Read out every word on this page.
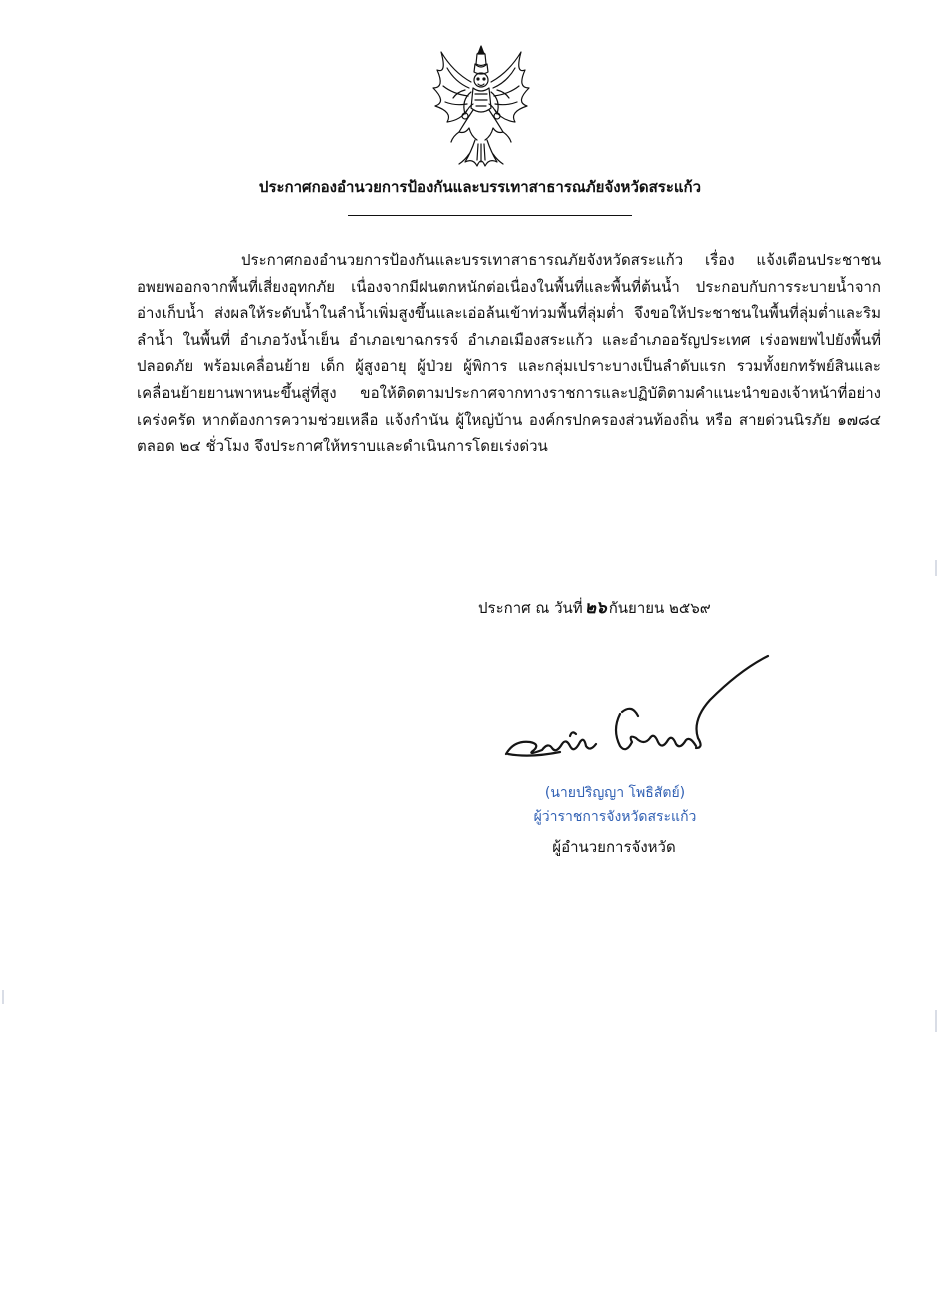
ประกาศกองอำนวยการป้องกันและบรรเทาสาธารณภัยจังหวัดสระแก้ว

ประกาศกองอำนวยการป้องกันและบรรเทาสาธารณภัยจังหวัดสระแก้ว เรื่อง แจ้งเตือนประชาชนอพยพออกจากพื้นที่เสี่ยงอุทกภัย เนื่องจากมีฝนตกหนักต่อเนื่องในพื้นที่และพื้นที่ต้นน้ำ ประกอบกับการระบายน้ำจากอ่างเก็บน้ำ ส่งผลให้ระดับน้ำในลำน้ำเพิ่มสูงขึ้นและเอ่อล้นเข้าท่วมพื้นที่ลุ่มต่ำ จึงขอให้ประชาชนในพื้นที่ลุ่มต่ำและริมลำน้ำ ในพื้นที่ อำเภอวังน้ำเย็น อำเภอเขาฉกรรจ์ อำเภอเมืองสระแก้ว และอำเภออรัญประเทศ เร่งอพยพไปยังพื้นที่ปลอดภัย พร้อมเคลื่อนย้าย เด็ก ผู้สูงอายุ ผู้ป่วย ผู้พิการ และกลุ่มเปราะบางเป็นลำดับแรก รวมทั้งยกทรัพย์สินและเคลื่อนย้ายยานพาหนะขึ้นสู่ที่สูง ขอให้ติดตามประกาศจากทางราชการและปฏิบัติตามคำแนะนำของเจ้าหน้าที่อย่างเคร่งครัด หากต้องการความช่วยเหลือ แจ้งกำนัน ผู้ใหญ่บ้าน องค์กรปกครองส่วนท้องถิ่น หรือ สายด่วนนิรภัย ๑๗๘๔ ตลอด ๒๔ ชั่วโมง จึงประกาศให้ทราบและดำเนินการโดยเร่งด่วน

ประกาศ ณ วันที่ ๒๖ กันยายน ๒๕๖๙
(นายปริญญา โพธิสัตย์)
ผู้ว่าราชการจังหวัดสระแก้ว
ผู้อำนวยการจังหวัด
